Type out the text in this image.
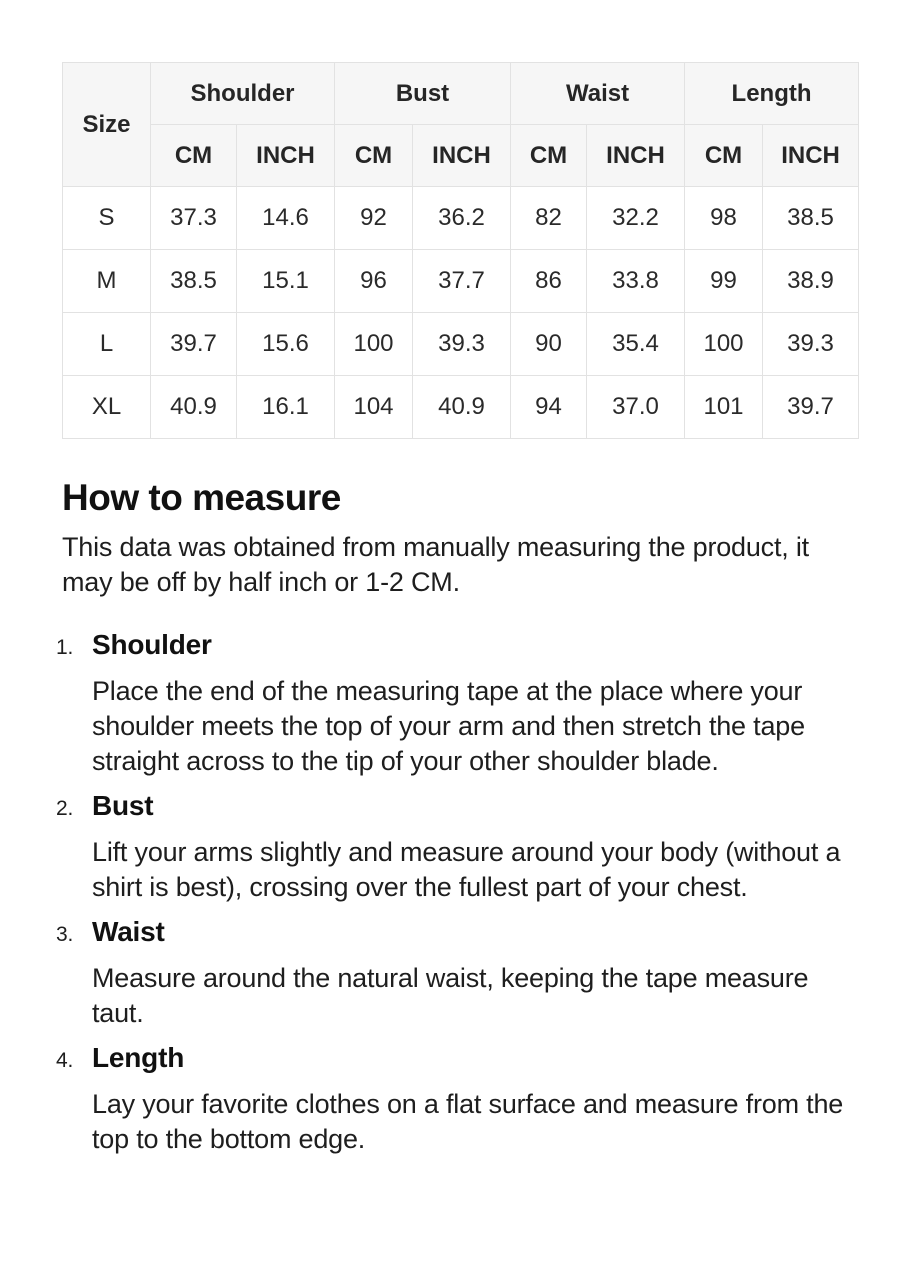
Size	Shoulder		Bust		Waist		Length	
	CM	INCH	CM	INCH	CM	INCH	CM	INCH
S	37.3	14.6	92	36.2	82	32.2	98	38.5
M	38.5	15.1	96	37.7	86	33.8	99	38.9
L	39.7	15.6	100	39.3	90	35.4	100	39.3
XL	40.9	16.1	104	40.9	94	37.0	101	39.7
How to measure

This data was obtained from manually measuring the product, it may be off by half inch or 1-2 CM.

1. Shoulder

Place the end of the measuring tape at the place where your shoulder meets the top of your arm and then stretch the tape straight across to the tip of your other shoulder blade.

2. Bust

Lift your arms slightly and measure around your body (without a shirt is best), crossing over the fullest part of your chest.

3. Waist

Measure around the natural waist, keeping the tape measure taut.

4. Length

Lay your favorite clothes on a flat surface and measure from the top to the bottom edge.
